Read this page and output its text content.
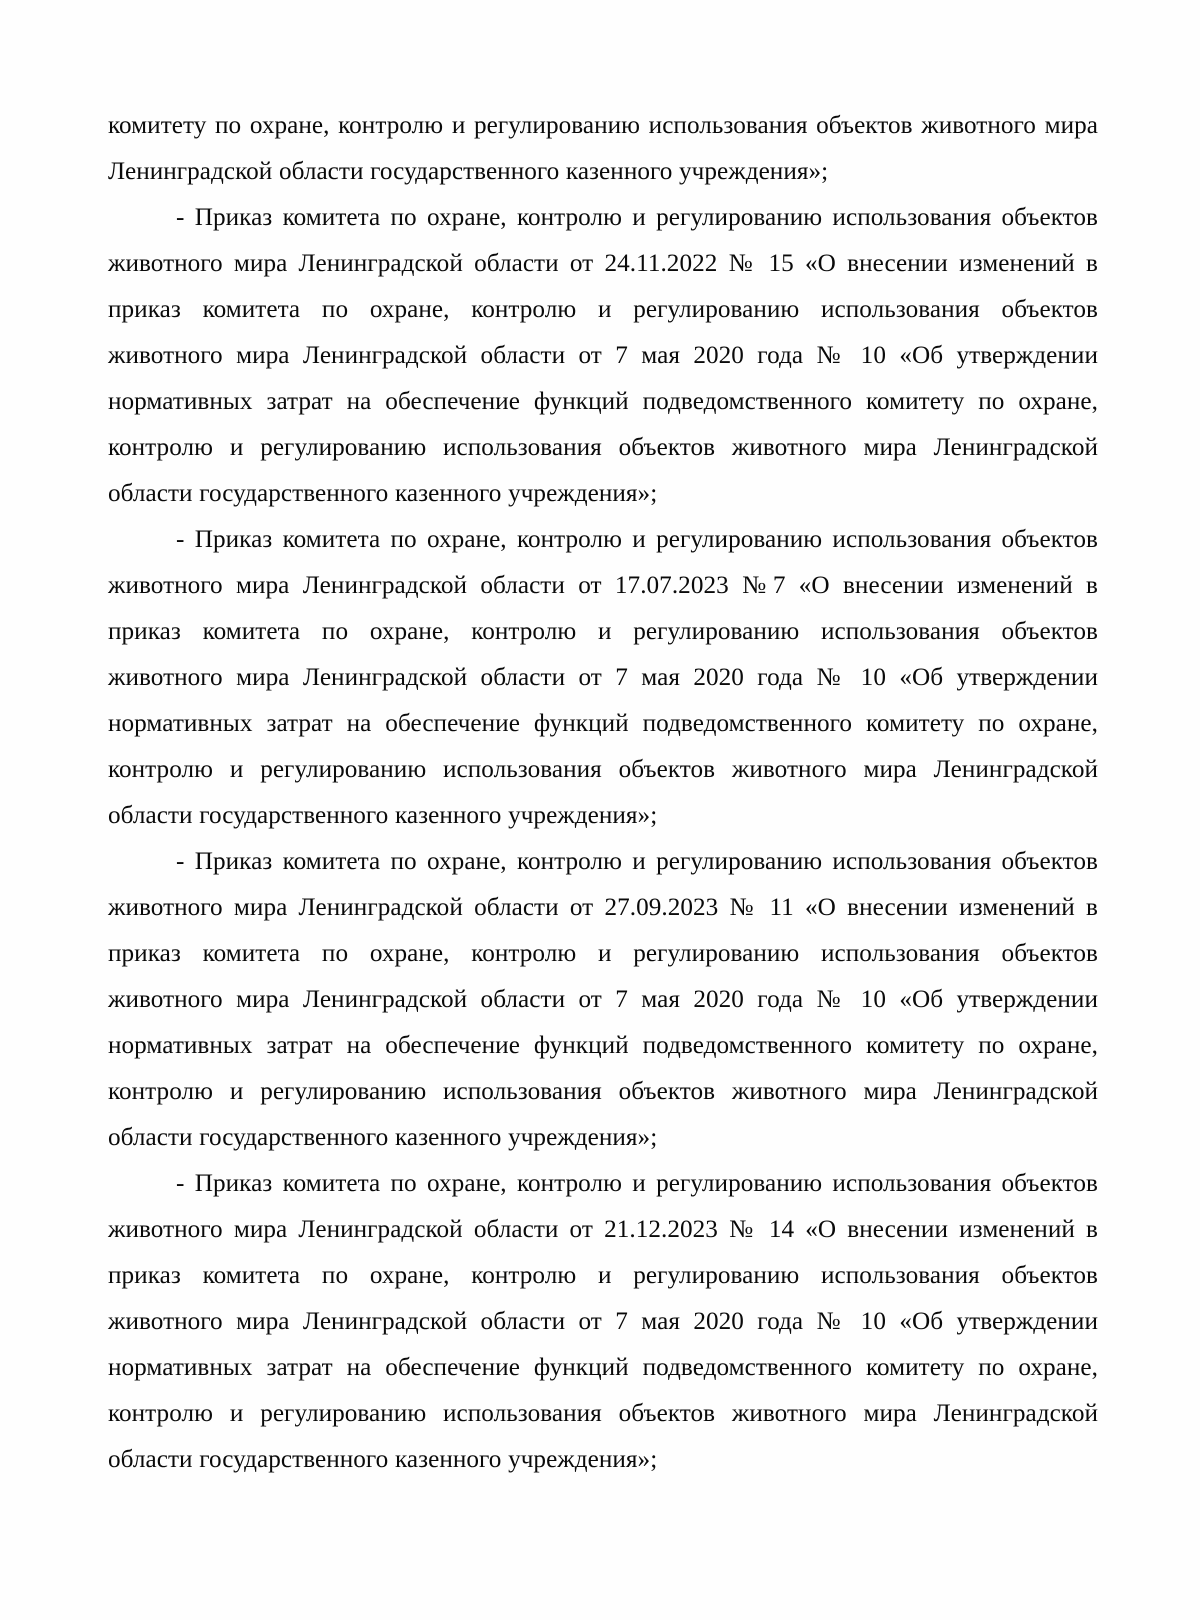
комитету по охране, контролю и регулированию использования объектов животного мира Ленинградской области государственного казенного учреждения»;

- Приказ комитета по охране, контролю и регулированию использования объектов животного мира Ленинградской области от 24.11.2022 № 15 «О внесении изменений в приказ комитета по охране, контролю и регулированию использования объектов животного мира Ленинградской области от 7 мая 2020 года № 10 «Об утверждении нормативных затрат на обеспечение функций подведомственного комитету по охране, контролю и регулированию использования объектов животного мира Ленинградской области государственного казенного учреждения»;

- Приказ комитета по охране, контролю и регулированию использования объектов животного мира Ленинградской области от 17.07.2023 №7 «О внесении изменений в приказ комитета по охране, контролю и регулированию использования объектов животного мира Ленинградской области от 7 мая 2020 года № 10 «Об утверждении нормативных затрат на обеспечение функций подведомственного комитету по охране, контролю и регулированию использования объектов животного мира Ленинградской области государственного казенного учреждения»;

- Приказ комитета по охране, контролю и регулированию использования объектов животного мира Ленинградской области от 27.09.2023 № 11 «О внесении изменений в приказ комитета по охране, контролю и регулированию использования объектов животного мира Ленинградской области от 7 мая 2020 года № 10 «Об утверждении нормативных затрат на обеспечение функций подведомственного комитету по охране, контролю и регулированию использования объектов животного мира Ленинградской области государственного казенного учреждения»;

- Приказ комитета по охране, контролю и регулированию использования объектов животного мира Ленинградской области от 21.12.2023 № 14 «О внесении изменений в приказ комитета по охране, контролю и регулированию использования объектов животного мира Ленинградской области от 7 мая 2020 года № 10 «Об утверждении нормативных затрат на обеспечение функций подведомственного комитету по охране, контролю и регулированию использования объектов животного мира Ленинградской области государственного казенного учреждения»;
